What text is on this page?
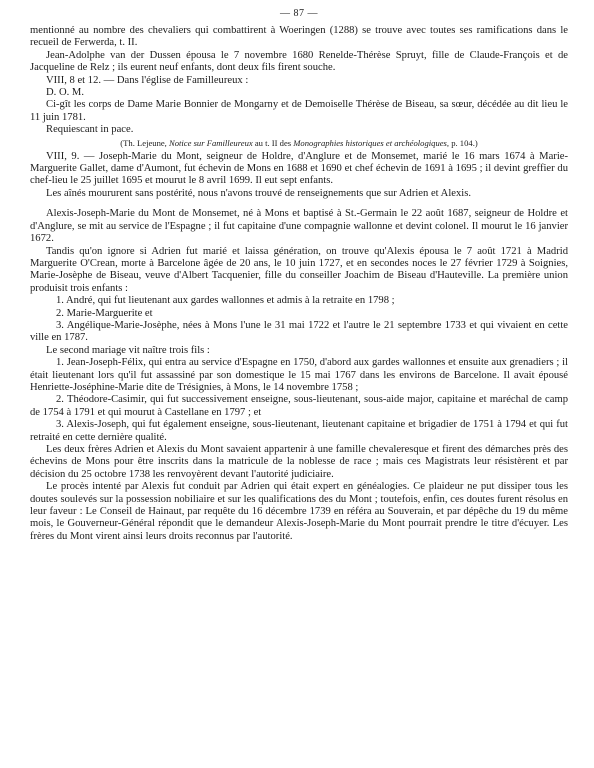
— 87 —

mentionné au nombre des chevaliers qui combattirent à Woeringen (1288) se trouve avec toutes ses ramifications dans le recueil de Ferwerda, t. II.

Jean-Adolphe van der Dussen épousa le 7 novembre 1680 Renelde-Thérèse Spruyt, fille de Claude-François et de Jacqueline de Relz ; ils eurent neuf enfants, dont deux fils firent souche.

VIII, 8 et 12. — Dans l'église de Familleureux :

D. O. M.

Ci-gît les corps de Dame Marie Bonnier de Mongarny et de Demoiselle Thérèse de Biseau, sa sœur, décédée au dit lieu le 11 juin 1781.

Requiescant in pace.

(Th. Lejeune, Notice sur Familleureux au t. II des Monographies historiques et archéologiques, p. 104.)

VIII, 9. — Joseph-Marie du Mont, seigneur de Holdre, d'Anglure et de Monsemet, marié le 16 mars 1674 à Marie-Marguerite Gallet, dame d'Aumont, fut échevin de Mons en 1688 et 1690 et chef échevin de 1691 à 1695 ; il devint greffier du chef-lieu le 25 juillet 1695 et mourut le 8 avril 1699. Il eut sept enfants.

Les aînés moururent sans postérité, nous n'avons trouvé de renseignements que sur Adrien et Alexis.

Alexis-Joseph-Marie du Mont de Monsemet, né à Mons et baptisé à St.-Germain le 22 août 1687, seigneur de Holdre et d'Anglure, se mit au service de l'Espagne ; il fut capitaine d'une compagnie wallonne et devint colonel. Il mourut le 16 janvier 1672.

Tandis qu'on ignore si Adrien fut marié et laissa génération, on trouve qu'Alexis épousa le 7 août 1721 à Madrid Marguerite O'Crean, morte à Barcelone âgée de 20 ans, le 10 juin 1727, et en secondes noces le 27 février 1729 à Soignies, Marie-Josèphe de Biseau, veuve d'Albert Tacquenier, fille du conseiller Joachim de Biseau d'Hauteville. La première union produisit trois enfants :

1. André, qui fut lieutenant aux gardes wallonnes et admis à la retraite en 1798 ;

2. Marie-Marguerite et

3. Angélique-Marie-Josèphe, nées à Mons l'une le 31 mai 1722 et l'autre le 21 septembre 1733 et qui vivaient en cette ville en 1787.

Le second mariage vit naître trois fils :

1. Jean-Joseph-Félix, qui entra au service d'Espagne en 1750, d'abord aux gardes wallonnes et ensuite aux grenadiers ; il était lieutenant lors qu'il fut assassiné par son domestique le 15 mai 1767 dans les environs de Barcelone. Il avait épousé Henriette-Joséphine-Marie dite de Trésignies, à Mons, le 14 novembre 1758 ;

2. Théodore-Casimir, qui fut successivement enseigne, sous-lieutenant, sous-aide major, capitaine et maréchal de camp de 1754 à 1791 et qui mourut à Castellane en 1797 ; et

3. Alexis-Joseph, qui fut également enseigne, sous-lieutenant, lieutenant capitaine et brigadier de 1751 à 1794 et qui fut retraité en cette dernière qualité.

Les deux frères Adrien et Alexis du Mont savaient appartenir à une famille chevaleresque et firent des démarches près des échevins de Mons pour être inscrits dans la matricule de la noblesse de race ; mais ces Magistrats leur résistèrent et par décision du 25 octobre 1738 les renvoyèrent devant l'autorité judiciaire.

Le procès intenté par Alexis fut conduit par Adrien qui était expert en généalogies. Ce plaideur ne put dissiper tous les doutes soulevés sur la possession nobiliaire et sur les qualifications des du Mont ; toutefois, enfin, ces doutes furent résolus en leur faveur : Le Conseil de Hainaut, par requête du 16 décembre 1739 en référa au Souverain, et par dépêche du 19 du même mois, le Gouverneur-Général répondit que le demandeur Alexis-Joseph-Marie du Mont pourrait prendre le titre d'écuyer. Les frères du Mont virent ainsi leurs droits reconnus par l'autorité.
